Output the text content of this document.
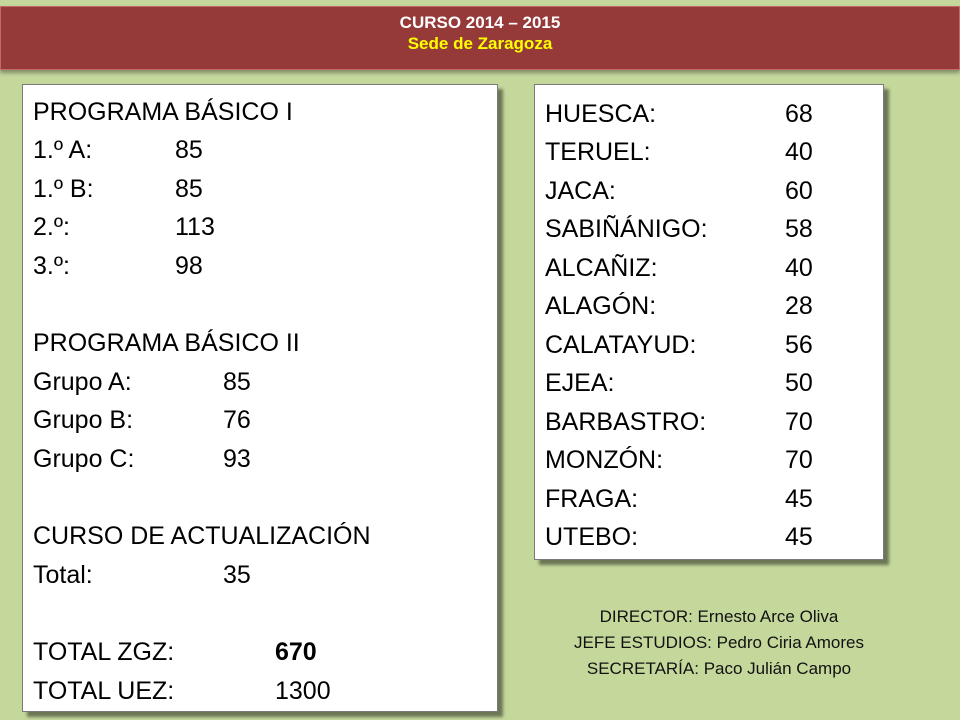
CURSO 2014 – 2015
Sede de Zaragoza
PROGRAMA BÁSICO I
1.º A:	85
1.º B:	85
2.º:	113
3.º:	98
PROGRAMA BÁSICO II
Grupo A:	85
Grupo B:	76
Grupo C:	93
CURSO DE ACTUALIZACIÓN
Total:	35
TOTAL ZGZ:	670
TOTAL UEZ:	1300
HUESCA:	68
TERUEL:	40
JACA:	60
SABIÑÁNIGO:	58
ALCAÑIZ:	40
ALAGÓN:	28
CALATAYUD:	56
EJEA:	50
BARBASTRO:	70
MONZÓN:	70
FRAGA:	45
UTEBO:	45
DIRECTOR: Ernesto Arce Oliva
JEFE ESTUDIOS: Pedro Ciria Amores
SECRETARÍA: Paco Julián Campo
